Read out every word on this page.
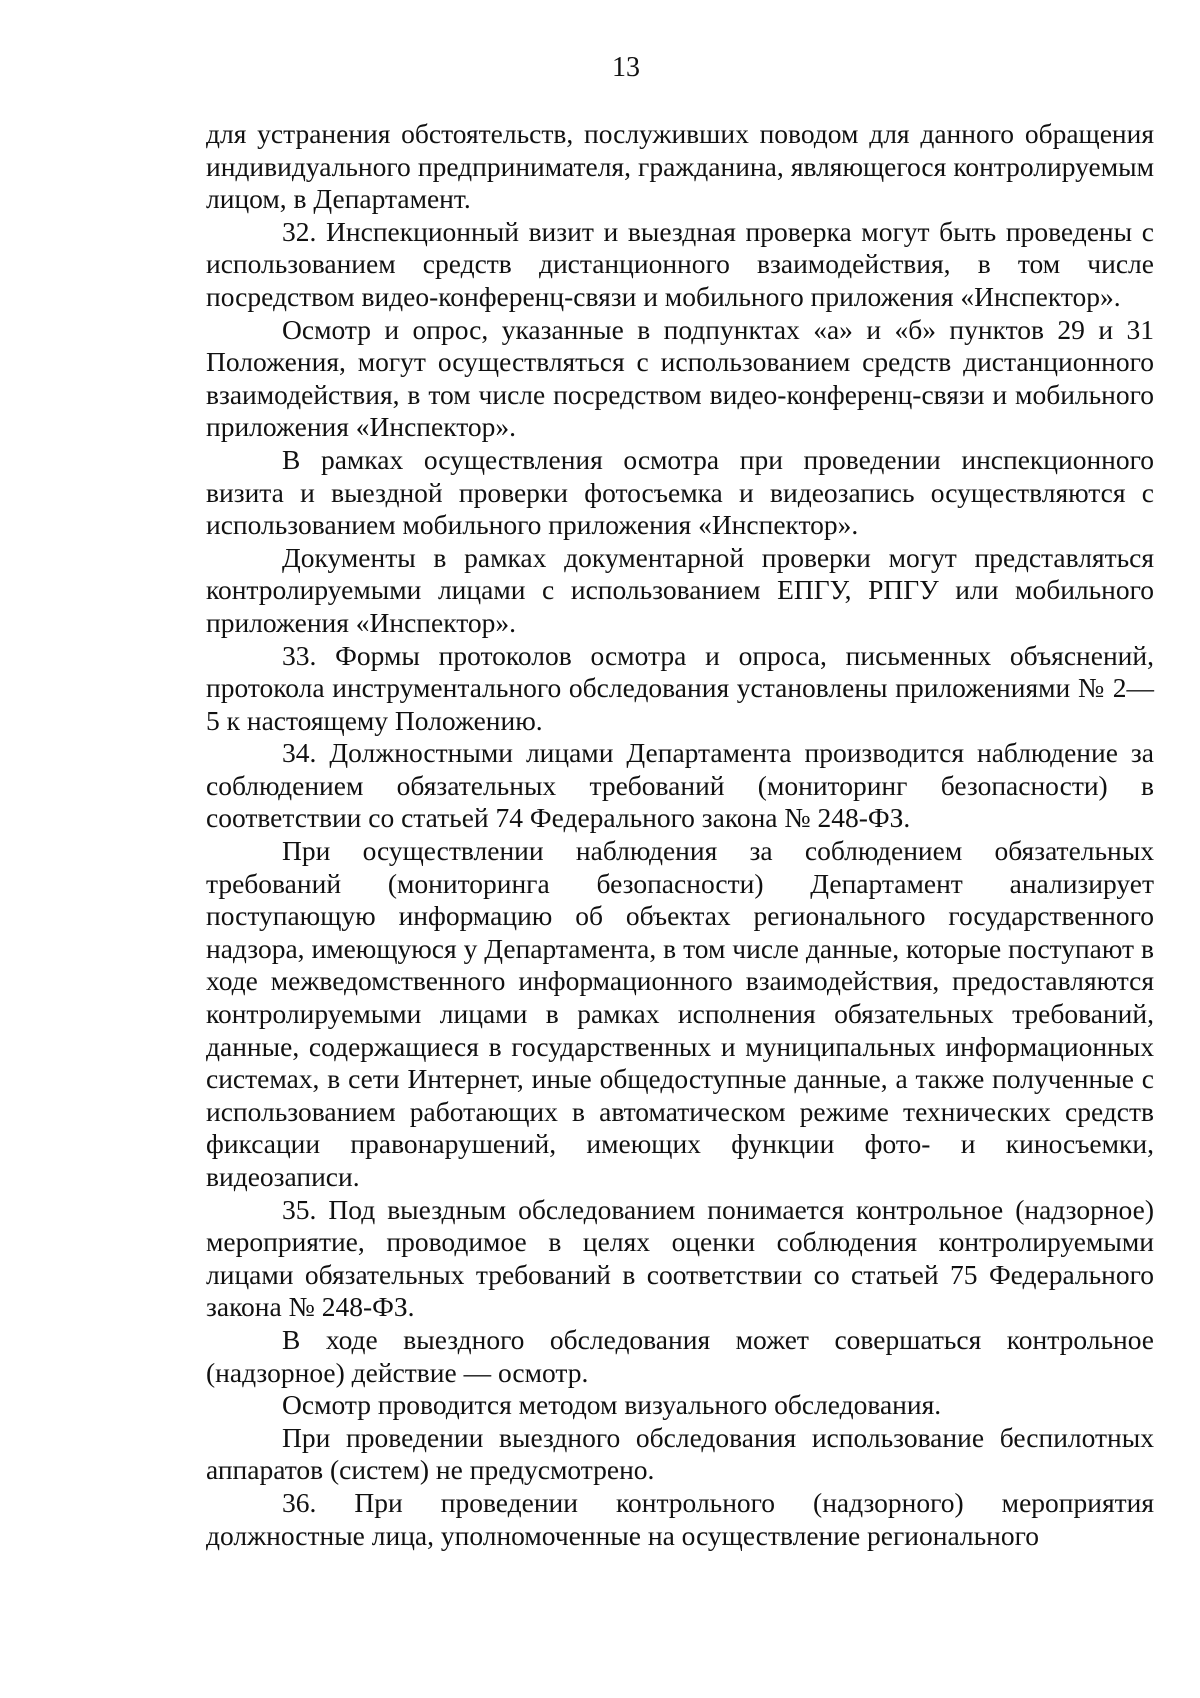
13

для устранения обстоятельств, послуживших поводом для данного обращения индивидуального предпринимателя, гражданина, являющегося контролируемым лицом, в Департамент.

32. Инспекционный визит и выездная проверка могут быть проведены с использованием средств дистанционного взаимодействия, в том числе посредством видео-конференц-связи и мобильного приложения «Инспектор».

Осмотр и опрос, указанные в подпунктах «а» и «б» пунктов 29 и 31 Положения, могут осуществляться с использованием средств дистанционного взаимодействия, в том числе посредством видео-конференц-связи и мобильного приложения «Инспектор».

В рамках осуществления осмотра при проведении инспекционного визита и выездной проверки фотосъемка и видеозапись осуществляются с использованием мобильного приложения «Инспектор».

Документы в рамках документарной проверки могут представляться контролируемыми лицами с использованием ЕПГУ, РПГУ или мобильного приложения «Инспектор».

33. Формы протоколов осмотра и опроса, письменных объяснений, протокола инструментального обследования установлены приложениями № 2—5 к настоящему Положению.

34. Должностными лицами Департамента производится наблюдение за соблюдением обязательных требований (мониторинг безопасности) в соответствии со статьей 74 Федерального закона № 248-ФЗ.

При осуществлении наблюдения за соблюдением обязательных требований (мониторинга безопасности) Департамент анализирует поступающую информацию об объектах регионального государственного надзора, имеющуюся у Департамента, в том числе данные, которые поступают в ходе межведомственного информационного взаимодействия, предоставляются контролируемыми лицами в рамках исполнения обязательных требований, данные, содержащиеся в государственных и муниципальных информационных системах, в сети Интернет, иные общедоступные данные, а также полученные с использованием работающих в автоматическом режиме технических средств фиксации правонарушений, имеющих функции фото- и киносъемки, видеозаписи.

35. Под выездным обследованием понимается контрольное (надзорное) мероприятие, проводимое в целях оценки соблюдения контролируемыми лицами обязательных требований в соответствии со статьей 75 Федерального закона № 248-ФЗ.

В ходе выездного обследования может совершаться контрольное (надзорное) действие — осмотр.

Осмотр проводится методом визуального обследования.

При проведении выездного обследования использование беспилотных аппаратов (систем) не предусмотрено.

36. При проведении контрольного (надзорного) мероприятия должностные лица, уполномоченные на осуществление регионального
